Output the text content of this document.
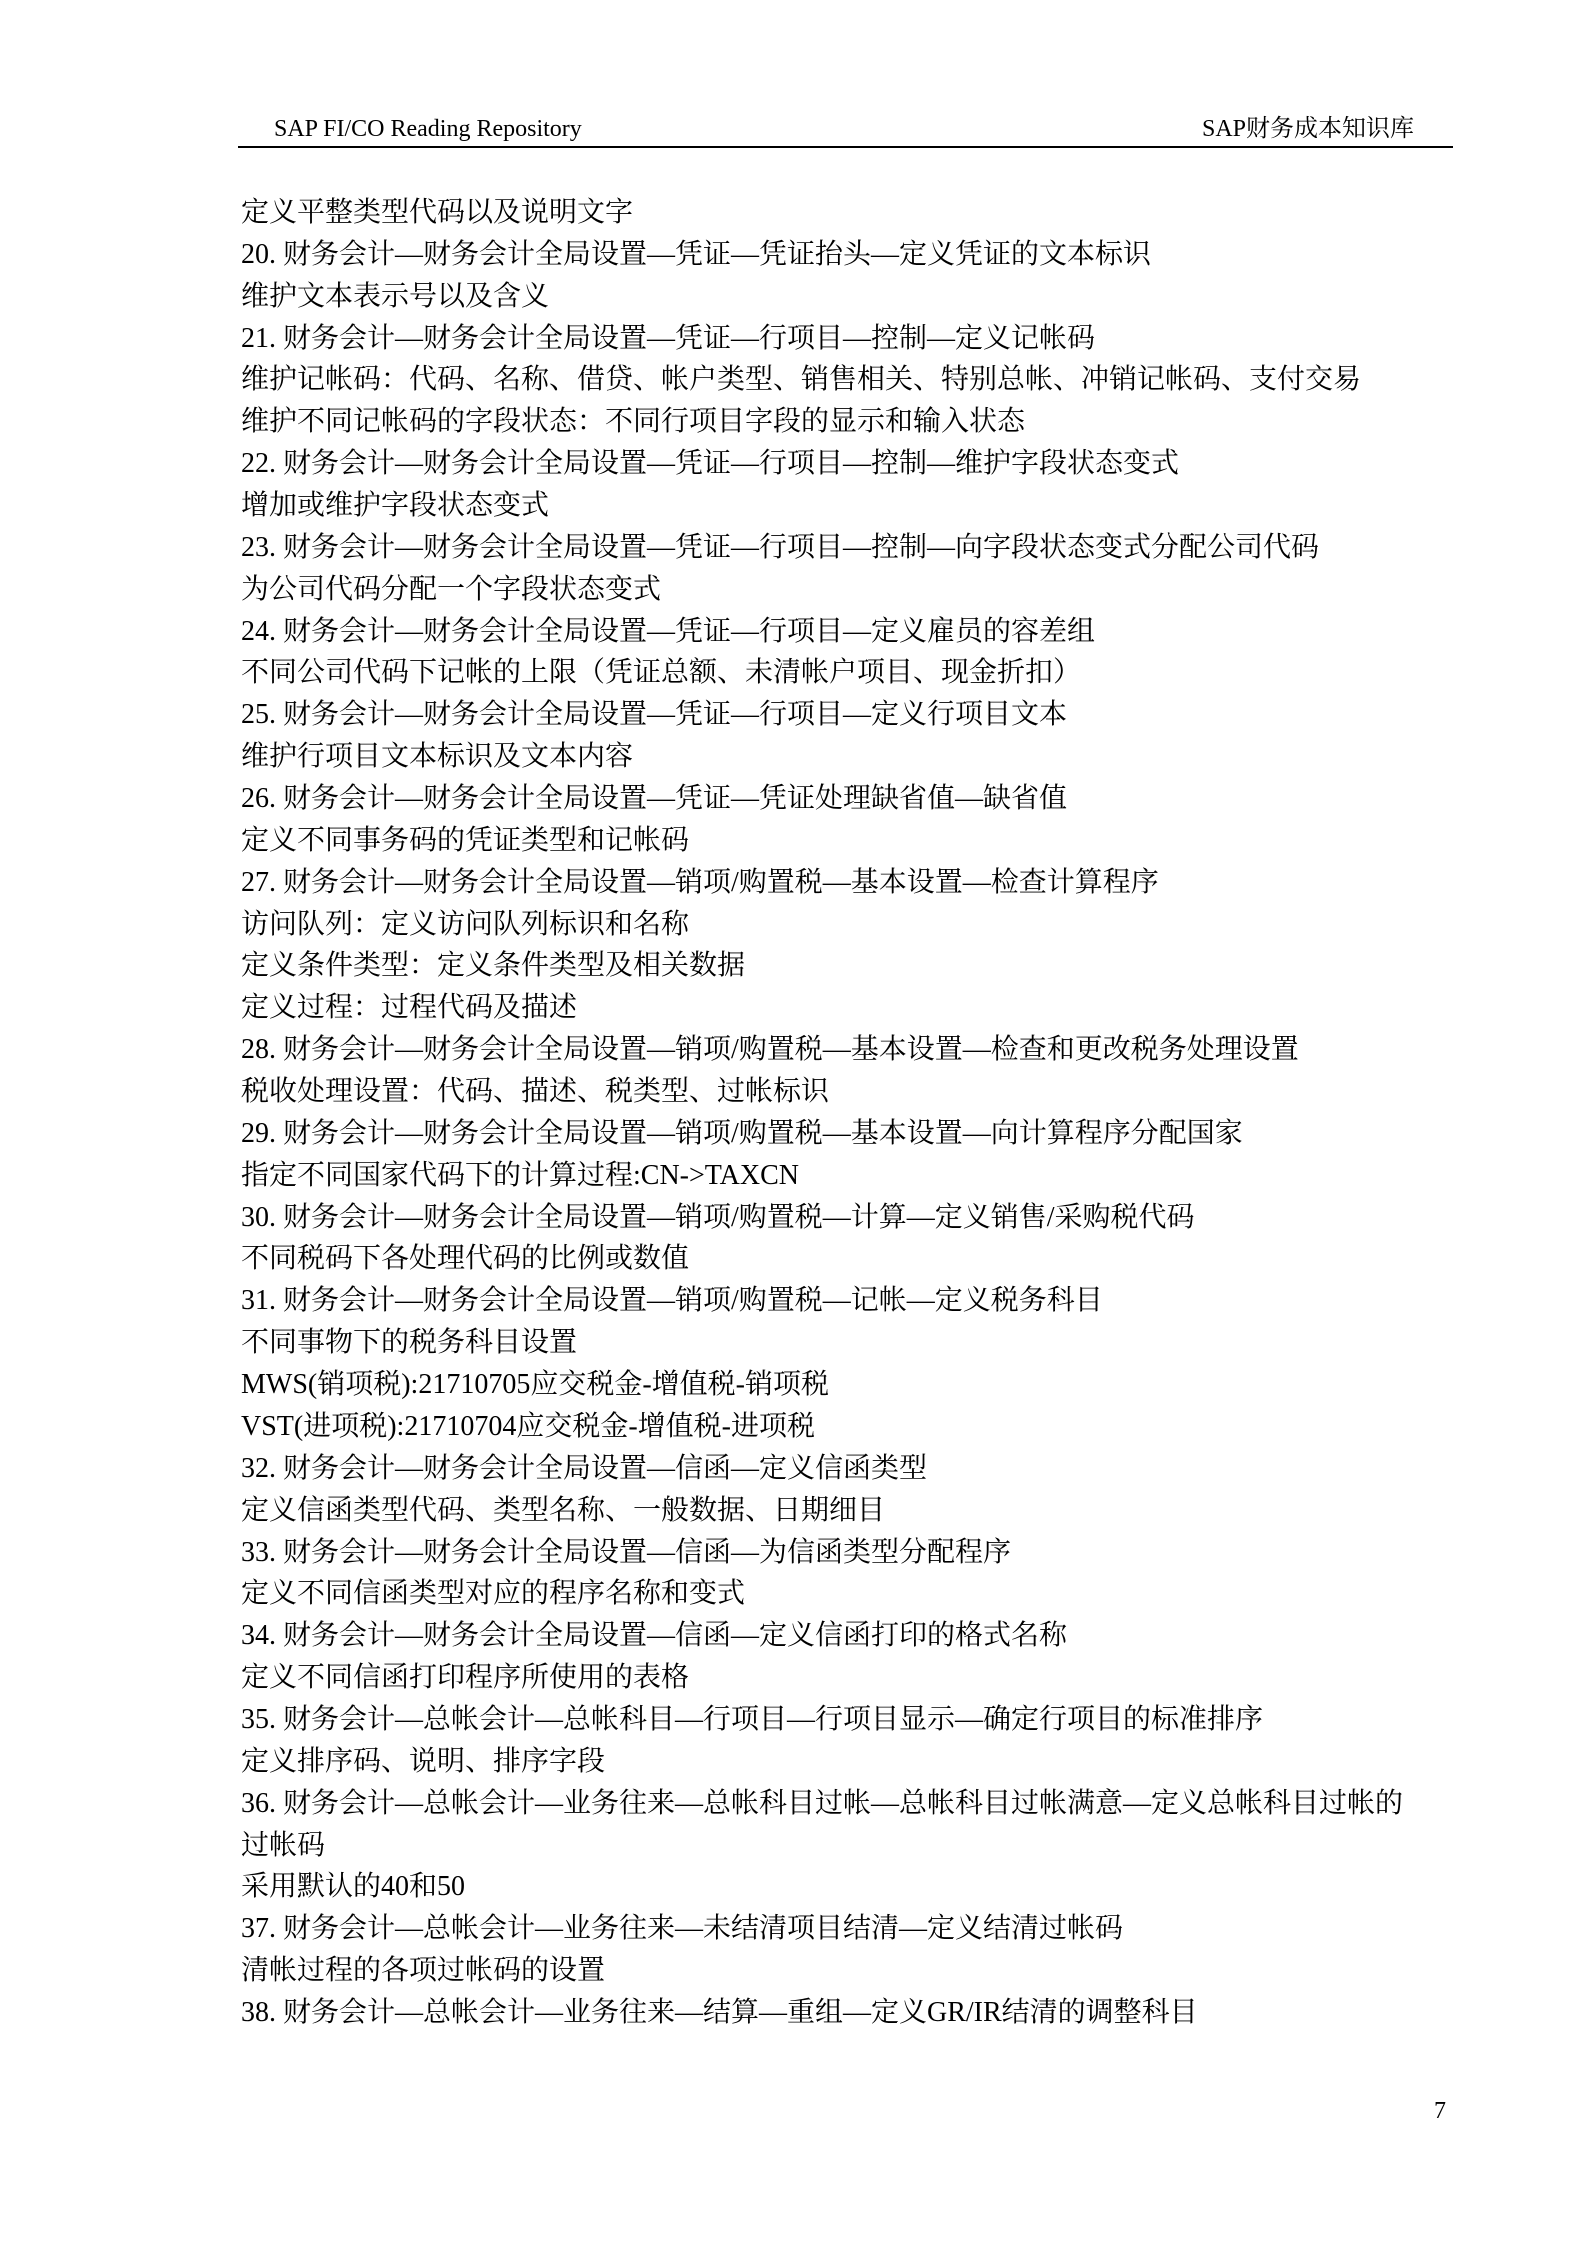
SAP FI/CO Reading Repository	SAP财务成本知识库
定义平整类型代码以及说明文字
20. 财务会计—财务会计全局设置—凭证—凭证抬头—定义凭证的文本标识
维护文本表示号以及含义
21. 财务会计—财务会计全局设置—凭证—行项目—控制—定义记帐码
维护记帐码：代码、名称、借贷、帐户类型、销售相关、特别总帐、冲销记帐码、支付交易
维护不同记帐码的字段状态：不同行项目字段的显示和输入状态
22. 财务会计—财务会计全局设置—凭证—行项目—控制—维护字段状态变式
增加或维护字段状态变式
23. 财务会计—财务会计全局设置—凭证—行项目—控制—向字段状态变式分配公司代码
为公司代码分配一个字段状态变式
24. 财务会计—财务会计全局设置—凭证—行项目—定义雇员的容差组
不同公司代码下记帐的上限（凭证总额、未清帐户项目、现金折扣）
25. 财务会计—财务会计全局设置—凭证—行项目—定义行项目文本
维护行项目文本标识及文本内容
26. 财务会计—财务会计全局设置—凭证—凭证处理缺省值—缺省值
定义不同事务码的凭证类型和记帐码
27. 财务会计—财务会计全局设置—销项/购置税—基本设置—检查计算程序
访问队列：定义访问队列标识和名称
定义条件类型：定义条件类型及相关数据
定义过程：过程代码及描述
28. 财务会计—财务会计全局设置—销项/购置税—基本设置—检查和更改税务处理设置
税收处理设置：代码、描述、税类型、过帐标识
29. 财务会计—财务会计全局设置—销项/购置税—基本设置—向计算程序分配国家
指定不同国家代码下的计算过程:CN->TAXCN
30. 财务会计—财务会计全局设置—销项/购置税—计算—定义销售/采购税代码
不同税码下各处理代码的比例或数值
31. 财务会计—财务会计全局设置—销项/购置税—记帐—定义税务科目
不同事物下的税务科目设置
MWS(销项税):21710705应交税金-增值税-销项税
VST(进项税):21710704应交税金-增值税-进项税
32. 财务会计—财务会计全局设置—信函—定义信函类型
定义信函类型代码、类型名称、一般数据、日期细目
33. 财务会计—财务会计全局设置—信函—为信函类型分配程序
定义不同信函类型对应的程序名称和变式
34. 财务会计—财务会计全局设置—信函—定义信函打印的格式名称
定义不同信函打印程序所使用的表格
35. 财务会计—总帐会计—总帐科目—行项目—行项目显示—确定行项目的标准排序
定义排序码、说明、排序字段
36. 财务会计—总帐会计—业务往来—总帐科目过帐—总帐科目过帐满意—定义总帐科目过帐的
过帐码
采用默认的40和50
37. 财务会计—总帐会计—业务往来—未结清项目结清—定义结清过帐码
清帐过程的各项过帐码的设置
38. 财务会计—总帐会计—业务往来—结算—重组—定义GR/IR结清的调整科目
7
